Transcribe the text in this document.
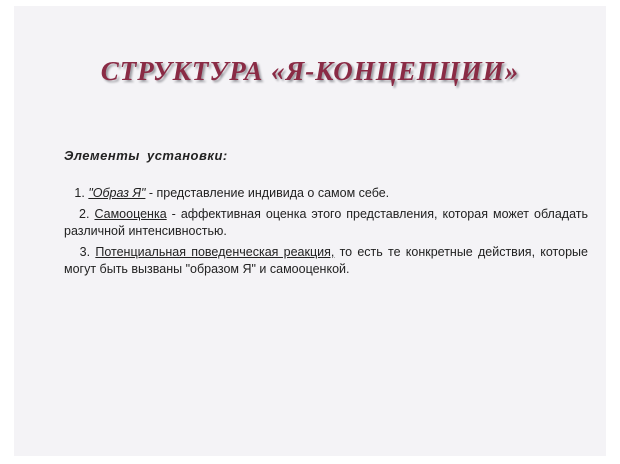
СТРУКТУРА «Я-КОНЦЕПЦИИ»

Элементы установки:

1. "Образ Я" - представление индивида о самом себе.

2. Самооценка - аффективная оценка этого представления, которая может обладать различной интенсивностью.

3. Потенциальная поведенческая реакция, то есть те конкретные действия, которые могут быть вызваны "образом Я" и самооценкой.
